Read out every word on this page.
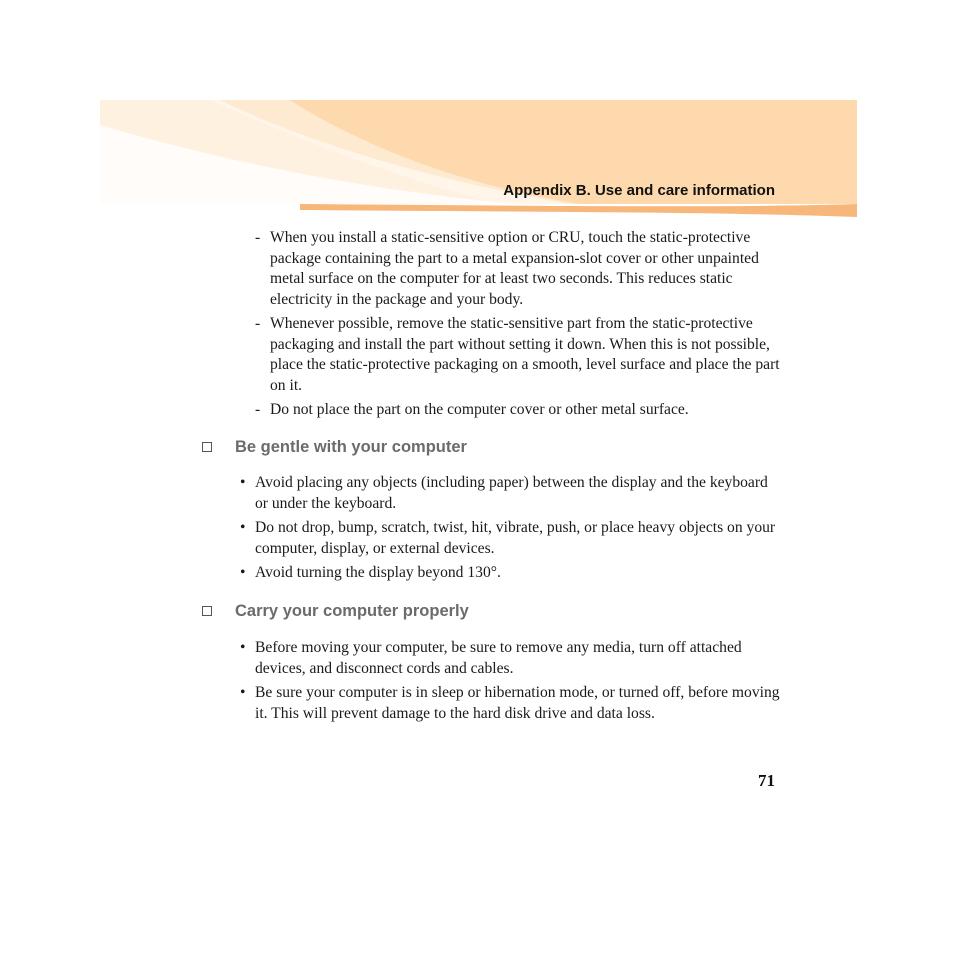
Appendix B. Use and care information
- When you install a static-sensitive option or CRU, touch the static-protective package containing the part to a metal expansion-slot cover or other unpainted metal surface on the computer for at least two seconds. This reduces static electricity in the package and your body.
- Whenever possible, remove the static-sensitive part from the static-protective packaging and install the part without setting it down. When this is not possible, place the static-protective packaging on a smooth, level surface and place the part on it.
- Do not place the part on the computer cover or other metal surface.
Be gentle with your computer
• Avoid placing any objects (including paper) between the display and the keyboard or under the keyboard.
• Do not drop, bump, scratch, twist, hit, vibrate, push, or place heavy objects on your computer, display, or external devices.
• Avoid turning the display beyond 130°.
Carry your computer properly
• Before moving your computer, be sure to remove any media, turn off attached devices, and disconnect cords and cables.
• Be sure your computer is in sleep or hibernation mode, or turned off, before moving it. This will prevent damage to the hard disk drive and data loss.
71
